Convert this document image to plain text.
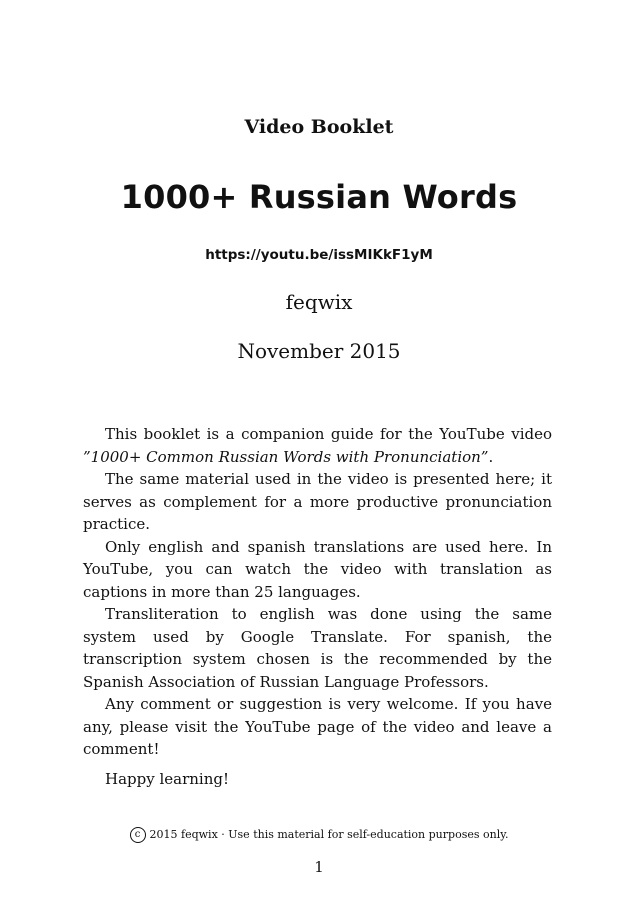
Video Booklet
1000+ Russian Words
https://youtu.be/issMIKkF1yM
feqwix
November 2015

This booklet is a companion guide for the YouTube video ”1000+ Common Russian Words with Pronunciation”.

The same material used in the video is presented here; it serves as complement for a more productive pronunciation practice.

Only english and spanish translations are used here. In YouTube, you can watch the video with translation as captions in more than 25 languages.

Transliteration to english was done using the same system used by Google Translate. For spanish, the transcription system chosen is the recommended by the Spanish Association of Russian Language Professors.

Any comment or suggestion is very welcome. If you have any, please visit the YouTube page of the video and leave a comment!

Happy learning!
c 2015 feqwix · Use this material for self-education purposes only.
1
